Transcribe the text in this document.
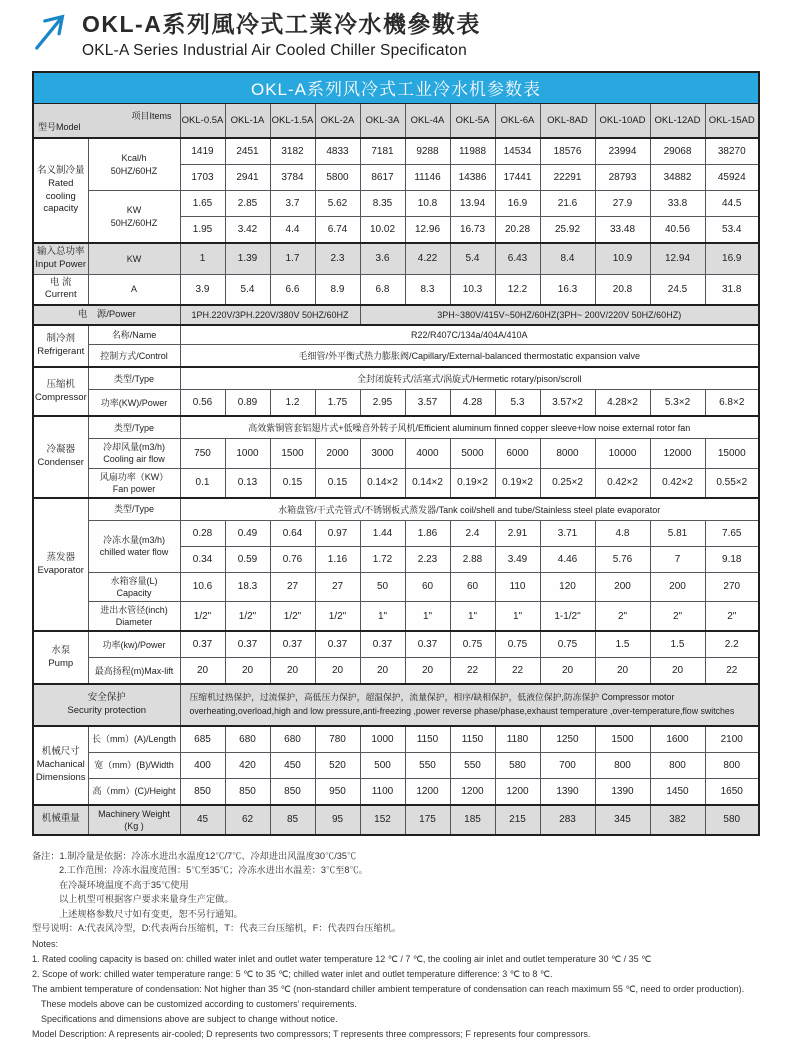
OKL-A系列風冷式工業冷水機參數表
OKL-A Series Industrial Air Cooled Chiller Specificaton
OKL-A系列风冷式工业冷水机参数表													

型号Model

项目Items		OKL-0.5A	OKL-1A	OKL-1.5A	OKL-2A	OKL-3A	OKL-4A	OKL-5A	OKL-6A	OKL-8AD	OKL-10AD	OKL-12AD	OKL-15AD
名义制冷量
Rated
cooling
capacity	Kcal/h
50HZ/60HZ	1419	2451	3182	4833	7181	9288	11988	14534	18576	23994	29068	38270
		1703	2941	3784	5800	8617	11146	14386	17441	22291	28793	34882	45924
	KW
50HZ/60HZ	1.65	2.85	3.7	5.62	8.35	10.8	13.94	16.9	21.6	27.9	33.8	44.5
		1.95	3.42	4.4	6.74	10.02	12.96	16.73	20.28	25.92	33.48	40.56	53.4
输入总功率
Input Power	KW	1	1.39	1.7	2.3	3.6	4.22	5.4	6.43	8.4	10.9	12.94	16.9
电 流
Current	A	3.9	5.4	6.6	8.9	6.8	8.3	10.3	12.2	16.3	20.8	24.5	31.8
电　源/Power		1PH.220V/3PH.220V/380V 50HZ/60HZ				3PH~380V/415V~50HZ/60HZ(3PH~ 200V/220V 50HZ/60HZ)							
制冷剂
Refrigerant	名称/Name	R22/R407C/134a/404A/410A											
	控制方式/Control	毛细管/外平衡式热力膨胀阀/Capillary/External-balanced thermostatic expansion valve											
压缩机
Compressor	类型/Type	全封闭旋转式/活塞式/涡旋式/Hermetic rotary/pison/scroll											
	功率(KW)/Power	0.56	0.89	1.2	1.75	2.95	3.57	4.28	5.3	3.57×2	4.28×2	5.3×2	6.8×2
冷凝器
Condenser	类型/Type	高效紫铜管套铝翅片式+低噪音外转子风机/Efficient aluminum finned copper sleeve+low noise external rotor fan											
	冷却风量(m3/h)
Cooling air flow	750	1000	1500	2000	3000	4000	5000	6000	8000	10000	12000	15000
	风扇功率（KW）
Fan power	0.1	0.13	0.15	0.15	0.14×2	0.14×2	0.19×2	0.19×2	0.25×2	0.42×2	0.42×2	0.55×2
蒸发器
Evaporator	类型/Type	水箱盘管/干式壳管式/不锈钢板式蒸发器/Tank coil/shell and tube/Stainless steel plate evaporator											
	冷冻水量(m3/h)
chilled water flow	0.28	0.49	0.64	0.97	1.44	1.86	2.4	2.91	3.71	4.8	5.81	7.65
		0.34	0.59	0.76	1.16	1.72	2.23	2.88	3.49	4.46	5.76	7	9.18
	水箱容量(L)
Capacity	10.6	18.3	27	27	50	60	60	110	120	200	200	270
	进出水管径(inch)
Diameter	1/2"	1/2"	1/2"	1/2"	1"	1"	1"	1"	1-1/2"	2"	2"	2"
水泵
Pump	功率(kw)/Power	0.37	0.37	0.37	0.37	0.37	0.37	0.75	0.75	0.75	1.5	1.5	2.2
	最高扬程(m)Max-lift	20	20	20	20	20	20	22	22	20	20	20	22
安全保护
Security protection		压缩机过热保护，过流保护，高低压力保护，超温保护，流量保护，相序/缺相保护，低液位保护,防冻保护 Compressor motor overheating,overload,high and low pressure,anti-freezing ,power reverse phase/phase,exhaust temperature ,over-temperature,flow switches											
机械尺寸
Machanical
Dimensions	长（mm）(A)/Length	685	680	680	780	1000	1150	1150	1180	1250	1500	1600	2100
	宽（mm）(B)/Width	400	420	450	520	500	550	550	580	700	800	800	800
	高（mm）(C)/Height	850	850	850	950	1100	1200	1200	1200	1390	1390	1450	1650
机械重量	Machinery Weight
(Kg )	45	62	85	95	152	175	185	215	283	345	382	580
备注：1.制冷量是依据：冷冻水进出水温度12℃/7℃、冷却进出风温度30℃/35℃
2.工作范围：冷冻水温度范围：5℃至35℃；冷冻水进出水温差：3℃至8℃。
在冷凝环境温度不高于35℃使用
以上机型可根据客户要求来量身生产定做。
上述规格参数尺寸如有变更，恕不另行通知。
型号说明：A:代表风冷型，D:代表两台压缩机，T：代表三台压缩机，F：代表四台压缩机。
Notes:
1. Rated cooling capacity is based on: chilled water inlet and outlet water temperature 12 ℃ / 7 ℃, the cooling air inlet and outlet temperature 30 ℃ / 35 ℃
2. Scope of work: chilled water temperature range: 5 ℃ to 35 ℃; chilled water inlet and outlet temperature difference: 3 ℃ to 8 ℃.
The ambient temperature of condensation: Not higher than 35 ℃ (non-standard chiller ambient temperature of condensation can reach maximum 55 ℃, need to order production).
These models above can be customized according to customers’ requirements.
Specifications and dimensions above are subject to change without notice.
Model Description: A represents air-cooled; D represents two compressors; T represents three compressors; F represents four compressors.
